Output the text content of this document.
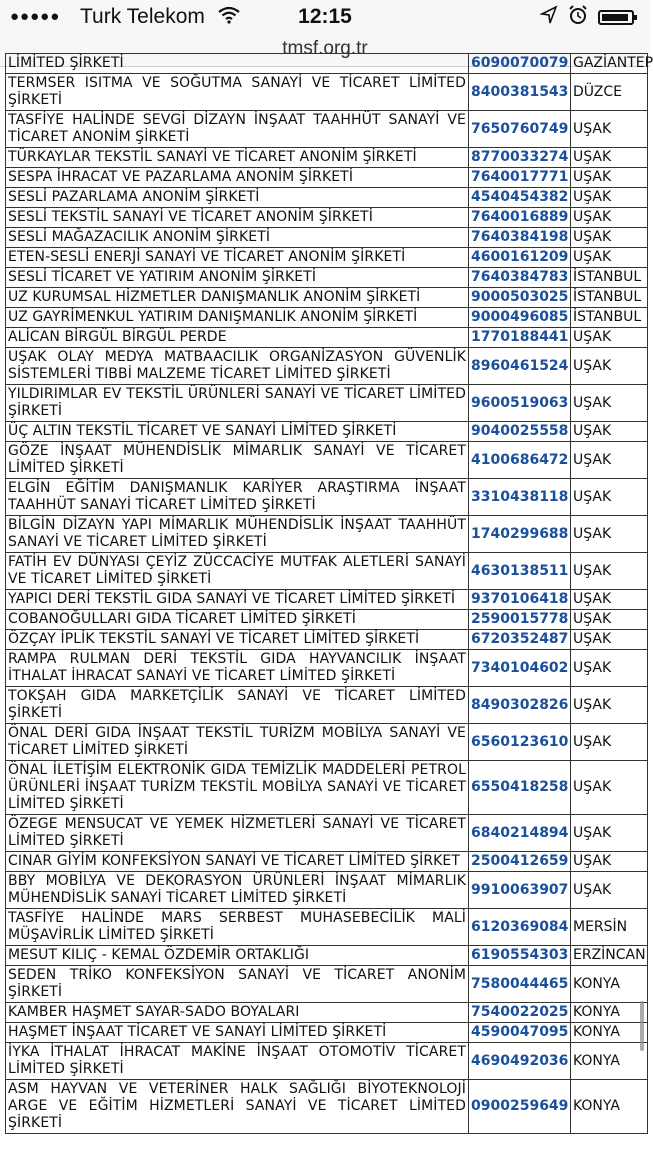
●●●●● Turk Telekom	12:15
tmsf.org.tr
LİMİTED ŞİRKETİ	6090070079	GAZİANTEP
TERMSER ISITMA VE SOĞUTMA SANAYİ VE TİCARET LİMİTED ŞİRKETİ	8400381543	DÜZCE
TASFİYE HALİNDE SEVGİ DİZAYN İNŞAAT TAAHHÜT SANAYİ VE TİCARET ANONİM ŞİRKETİ	7650760749	UŞAK
TÜRKAYLAR TEKSTİL SANAYİ VE TİCARET ANONİM ŞİRKETİ	8770033274	UŞAK
SESPA İHRACAT VE PAZARLAMA ANONİM ŞİRKETİ	7640017771	UŞAK
SESLİ PAZARLAMA ANONİM ŞİRKETİ	4540454382	UŞAK
SESLİ TEKSTİL SANAYİ VE TİCARET ANONİM ŞİRKETİ	7640016889	UŞAK
SESLİ MAĞAZACILIK ANONİM ŞİRKETİ	7640384198	UŞAK
ETEN-SESLİ ENERJİ SANAYİ VE TİCARET ANONİM ŞİRKETİ	4600161209	UŞAK
SESLİ TİCARET VE YATIRIM ANONİM ŞİRKETİ	7640384783	İSTANBUL
UZ KURUMSAL HİZMETLER DANIŞMANLIK ANONİM ŞİRKETİ	9000503025	İSTANBUL
UZ GAYRİMENKUL YATIRIM DANIŞMANLIK ANONİM ŞİRKETİ	9000496085	İSTANBUL
ALİCAN BİRGÜL BİRGÜL PERDE	1770188441	UŞAK
UŞAK OLAY MEDYA MATBAACILIK ORGANİZASYON GÜVENLİK SİSTEMLERİ TIBBİ MALZEME TİCARET LİMİTED ŞİRKETİ	8960461524	UŞAK
YILDIRIMLAR EV TEKSTİL ÜRÜNLERİ SANAYİ VE TİCARET LİMİTED ŞİRKETİ	9600519063	UŞAK
ÜÇ ALTIN TEKSTİL TİCARET VE SANAYİ LİMİTED ŞİRKETİ	9040025558	UŞAK
GÖZE İNŞAAT MÜHENDİSLİK MİMARLIK SANAYİ VE TİCARET LİMİTED ŞİRKETİ	4100686472	UŞAK
ELGİN EĞİTİM DANIŞMANLIK KARİYER ARAŞTIRMA İNŞAAT TAAHHÜT SANAYİ TİCARET LİMİTED ŞİRKETİ	3310438118	UŞAK
BİLGİN DİZAYN YAPI MİMARLIK MÜHENDİSLİK İNŞAAT TAAHHÜT SANAYİ VE TİCARET LİMİTED ŞİRKETİ	1740299688	UŞAK
FATİH EV DÜNYASI ÇEYİZ ZÜCCACİYE MUTFAK ALETLERİ SANAYİ VE TİCARET LİMİTED ŞİRKETİ	4630138511	UŞAK
YAPICI DERİ TEKSTİL GIDA SANAYİ VE TİCARET LİMİTED ŞİRKETİ	9370106418	UŞAK
COBANOĞULLARI GIDA TİCARET LİMİTED ŞİRKETİ	2590015778	UŞAK
ÖZÇAY İPLİK TEKSTİL SANAYİ VE TİCARET LİMİTED ŞİRKETİ	6720352487	UŞAK
RAMPA RULMAN DERİ TEKSTİL GIDA HAYVANCILIK İNŞAAT İTHALAT İHRACAT SANAYİ VE TİCARET LİMİTED ŞİRKETİ	7340104602	UŞAK
TOKŞAH GIDA MARKETÇİLİK SANAYİ VE TİCARET LİMİTED ŞİRKETİ	8490302826	UŞAK
ÖNAL DERİ GIDA İNŞAAT TEKSTİL TURİZM MOBİLYA SANAYİ VE TİCARET LİMİTED ŞİRKETİ	6560123610	UŞAK
ÖNAL İLETİŞİM ELEKTRONİK GIDA TEMİZLİK MADDELERİ PETROL ÜRÜNLERİ İNŞAAT TURİZM TEKSTİL MOBİLYA SANAYİ VE TİCARET LİMİTED ŞİRKETİ	6550418258	UŞAK
ÖZEGE MENSUCAT VE YEMEK HİZMETLERİ SANAYİ VE TİCARET LİMİTED ŞİRKETİ	6840214894	UŞAK
CINAR GİYİM KONFEKSİYON SANAYİ VE TİCARET LİMİTED ŞİRKET	2500412659	UŞAK
BBY MOBİLYA VE DEKORASYON ÜRÜNLERİ İNŞAAT MİMARLIK MÜHENDİSLİK SANAYİ TİCARET LİMİTED ŞİRKETİ	9910063907	UŞAK
TASFİYE HALİNDE MARS SERBEST MUHASEBECİLİK MALİ MÜŞAVİRLİK LİMİTED ŞİRKETİ	6120369084	MERSİN
MESUT KILIÇ - KEMAL ÖZDEMİR ORTAKLIĞI	6190554303	ERZİNCAN
SEDEN TRİKO KONFEKSİYON SANAYİ VE TİCARET ANONİM ŞİRKETİ	7580044465	KONYA
KAMBER HAŞMET SAYAR-SADO BOYALARI	7540022025	KONYA
HAŞMET İNŞAAT TİCARET VE SANAYİ LİMİTED ŞİRKETİ	4590047095	KONYA
İYKA İTHALAT İHRACAT MAKİNE İNŞAAT OTOMOTİV TİCARET LİMİTED ŞİRKETİ	4690492036	KONYA
ASM HAYVAN VE VETERİNER HALK SAĞLIĞI BİYOTEKNOLOJİ ARGE VE EĞİTİM HİZMETLERİ SANAYİ VE TİCARET LİMİTED ŞİRKETİ	0900259649	KONYA
